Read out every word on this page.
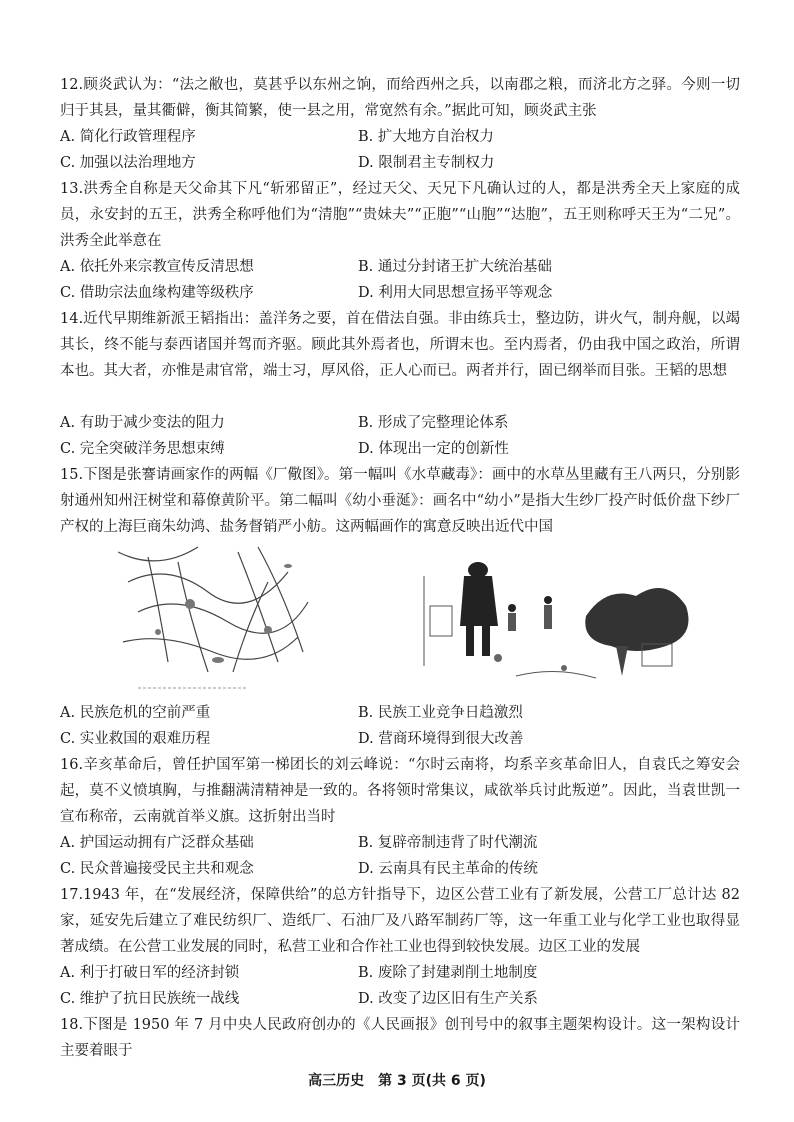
12.顾炎武认为：“法之敝也，莫甚乎以东州之饷，而给西州之兵，以南郡之粮，而济北方之驿。今则一切归于其县，量其衢僻，衡其简繁，使一县之用，常宽然有余。”据此可知，顾炎武主张

A. 简化行政管理程序	B. 扩大地方自治权力
C. 加强以法治理地方	D. 限制君主专制权力

13.洪秀全自称是天父命其下凡“斩邪留正”，经过天父、天兄下凡确认过的人，都是洪秀全天上家庭的成员，永安封的五王，洪秀全称呼他们为“清胞”“贵妹夫”“正胞”“山胞”“达胞”，五王则称呼天王为“二兄”。洪秀全此举意在

A. 依托外来宗教宣传反清思想	B. 通过分封诸王扩大统治基础
C. 借助宗法血缘构建等级秩序	D. 利用大同思想宣扬平等观念

14.近代早期维新派王韬指出：盖洋务之要，首在借法自强。非由练兵士，整边防，讲火气，制舟舰，以竭其长，终不能与泰西诸国并驾而齐驱。顾此其外焉者也，所谓末也。至内焉者，仍由我中国之政治，所谓本也。其大者，亦惟是肃官常，端士习，厚风俗，正人心而已。两者并行，固已纲举而目张。王韬的思想

A. 有助于减少变法的阻力	B. 形成了完整理论体系
C. 完全突破洋务思想束缚	D. 体现出一定的创新性

15.下图是张謇请画家作的两幅《厂儆图》。第一幅叫《水草藏毒》：画中的水草丛里藏有王八两只，分别影射通州知州汪树堂和幕僚黄阶平。第二幅叫《幼小垂涎》：画名中“幼小”是指大生纱厂投产时低价盘下纱厂产权的上海巨商朱幼鸿、盐务督销严小舫。这两幅画作的寓意反映出近代中国

A. 民族危机的空前严重	B. 民族工业竞争日趋激烈
C. 实业救国的艰难历程	D. 营商环境得到很大改善

16.辛亥革命后，曾任护国军第一梯团长的刘云峰说：“尔时云南将，均系辛亥革命旧人，自袁氏之筹安会起，莫不义愤填胸，与推翻满清精神是一致的。各将领时常集议，咸欲举兵讨此叛逆”。因此，当袁世凯一宣布称帝，云南就首举义旗。这折射出当时

A. 护国运动拥有广泛群众基础	B. 复辟帝制违背了时代潮流
C. 民众普遍接受民主共和观念	D. 云南具有民主革命的传统

17.1943 年，在“发展经济，保障供给”的总方针指导下，边区公营工业有了新发展，公营工厂总计达 82 家，延安先后建立了难民纺织厂、造纸厂、石油厂及八路军制药厂等，这一年重工业与化学工业也取得显著成绩。在公营工业发展的同时，私营工业和合作社工业也得到较快发展。边区工业的发展

A. 利于打破日军的经济封锁	B. 废除了封建剥削土地制度
C. 维护了抗日民族统一战线	D. 改变了边区旧有生产关系

18.下图是 1950 年 7 月中央人民政府创办的《人民画报》创刊号中的叙事主题架构设计。这一架构设计主要着眼于

高三历史　第 3 页(共 6 页)
